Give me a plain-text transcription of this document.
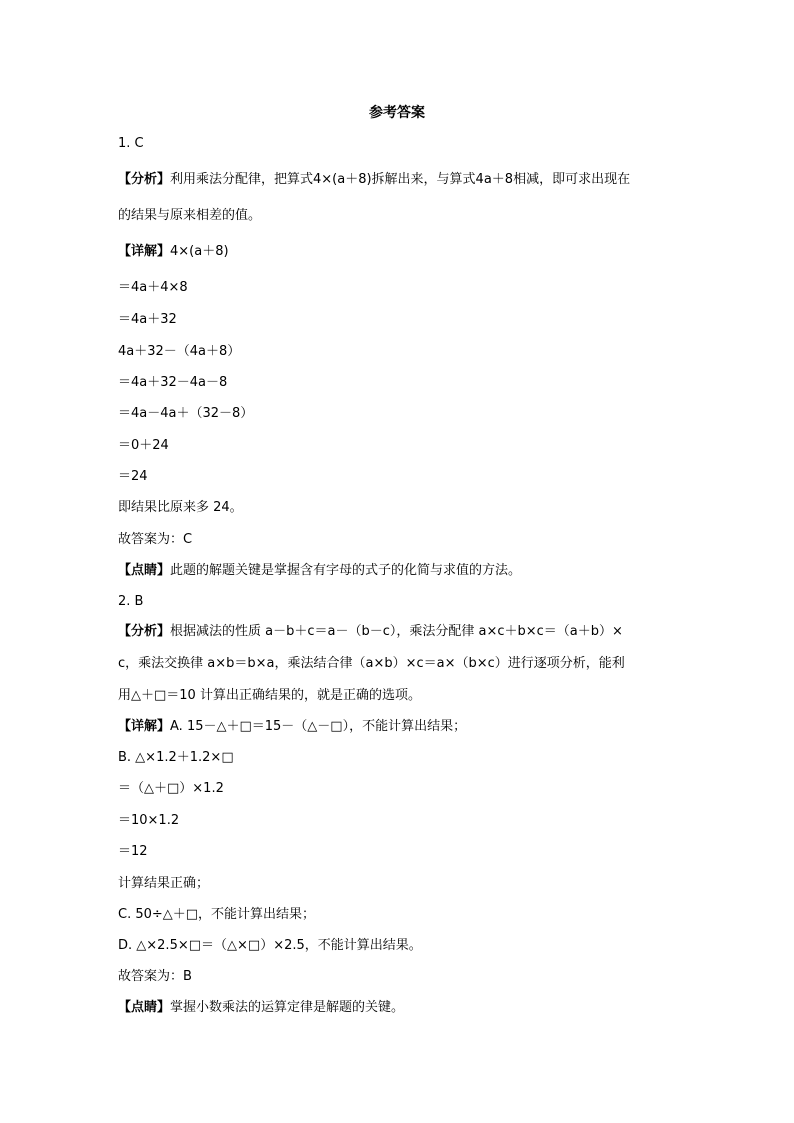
参考答案
1. C
【分析】利用乘法分配律，把算式4×(a＋8)拆解出来，与算式4a＋8相减，即可求出现在
的结果与原来相差的值。
【详解】4×(a＋8)
＝4a＋4×8
＝4a＋32
4a＋32－（4a＋8）
＝4a＋32－4a－8
＝4a－4a＋（32－8）
＝0＋24
＝24
即结果比原来多 24。
故答案为：C
【点睛】此题的解题关键是掌握含有字母的式子的化简与求值的方法。
2. B
【分析】根据减法的性质 a－b＋c＝a－（b－c），乘法分配律 a×c＋b×c＝（a＋b）×
c，乘法交换律 a×b＝b×a，乘法结合律（a×b）×c＝a×（b×c）进行逐项分析，能利
用△＋□＝10 计算出正确结果的，就是正确的选项。
【详解】A. 15－△＋□＝15－（△－□），不能计算出结果；
B. △×1.2＋1.2×□
＝（△＋□）×1.2
＝10×1.2
＝12
计算结果正确；
C. 50÷△＋□，不能计算出结果；
D. △×2.5×□＝（△×□）×2.5，不能计算出结果。
故答案为：B
【点睛】掌握小数乘法的运算定律是解题的关键。
